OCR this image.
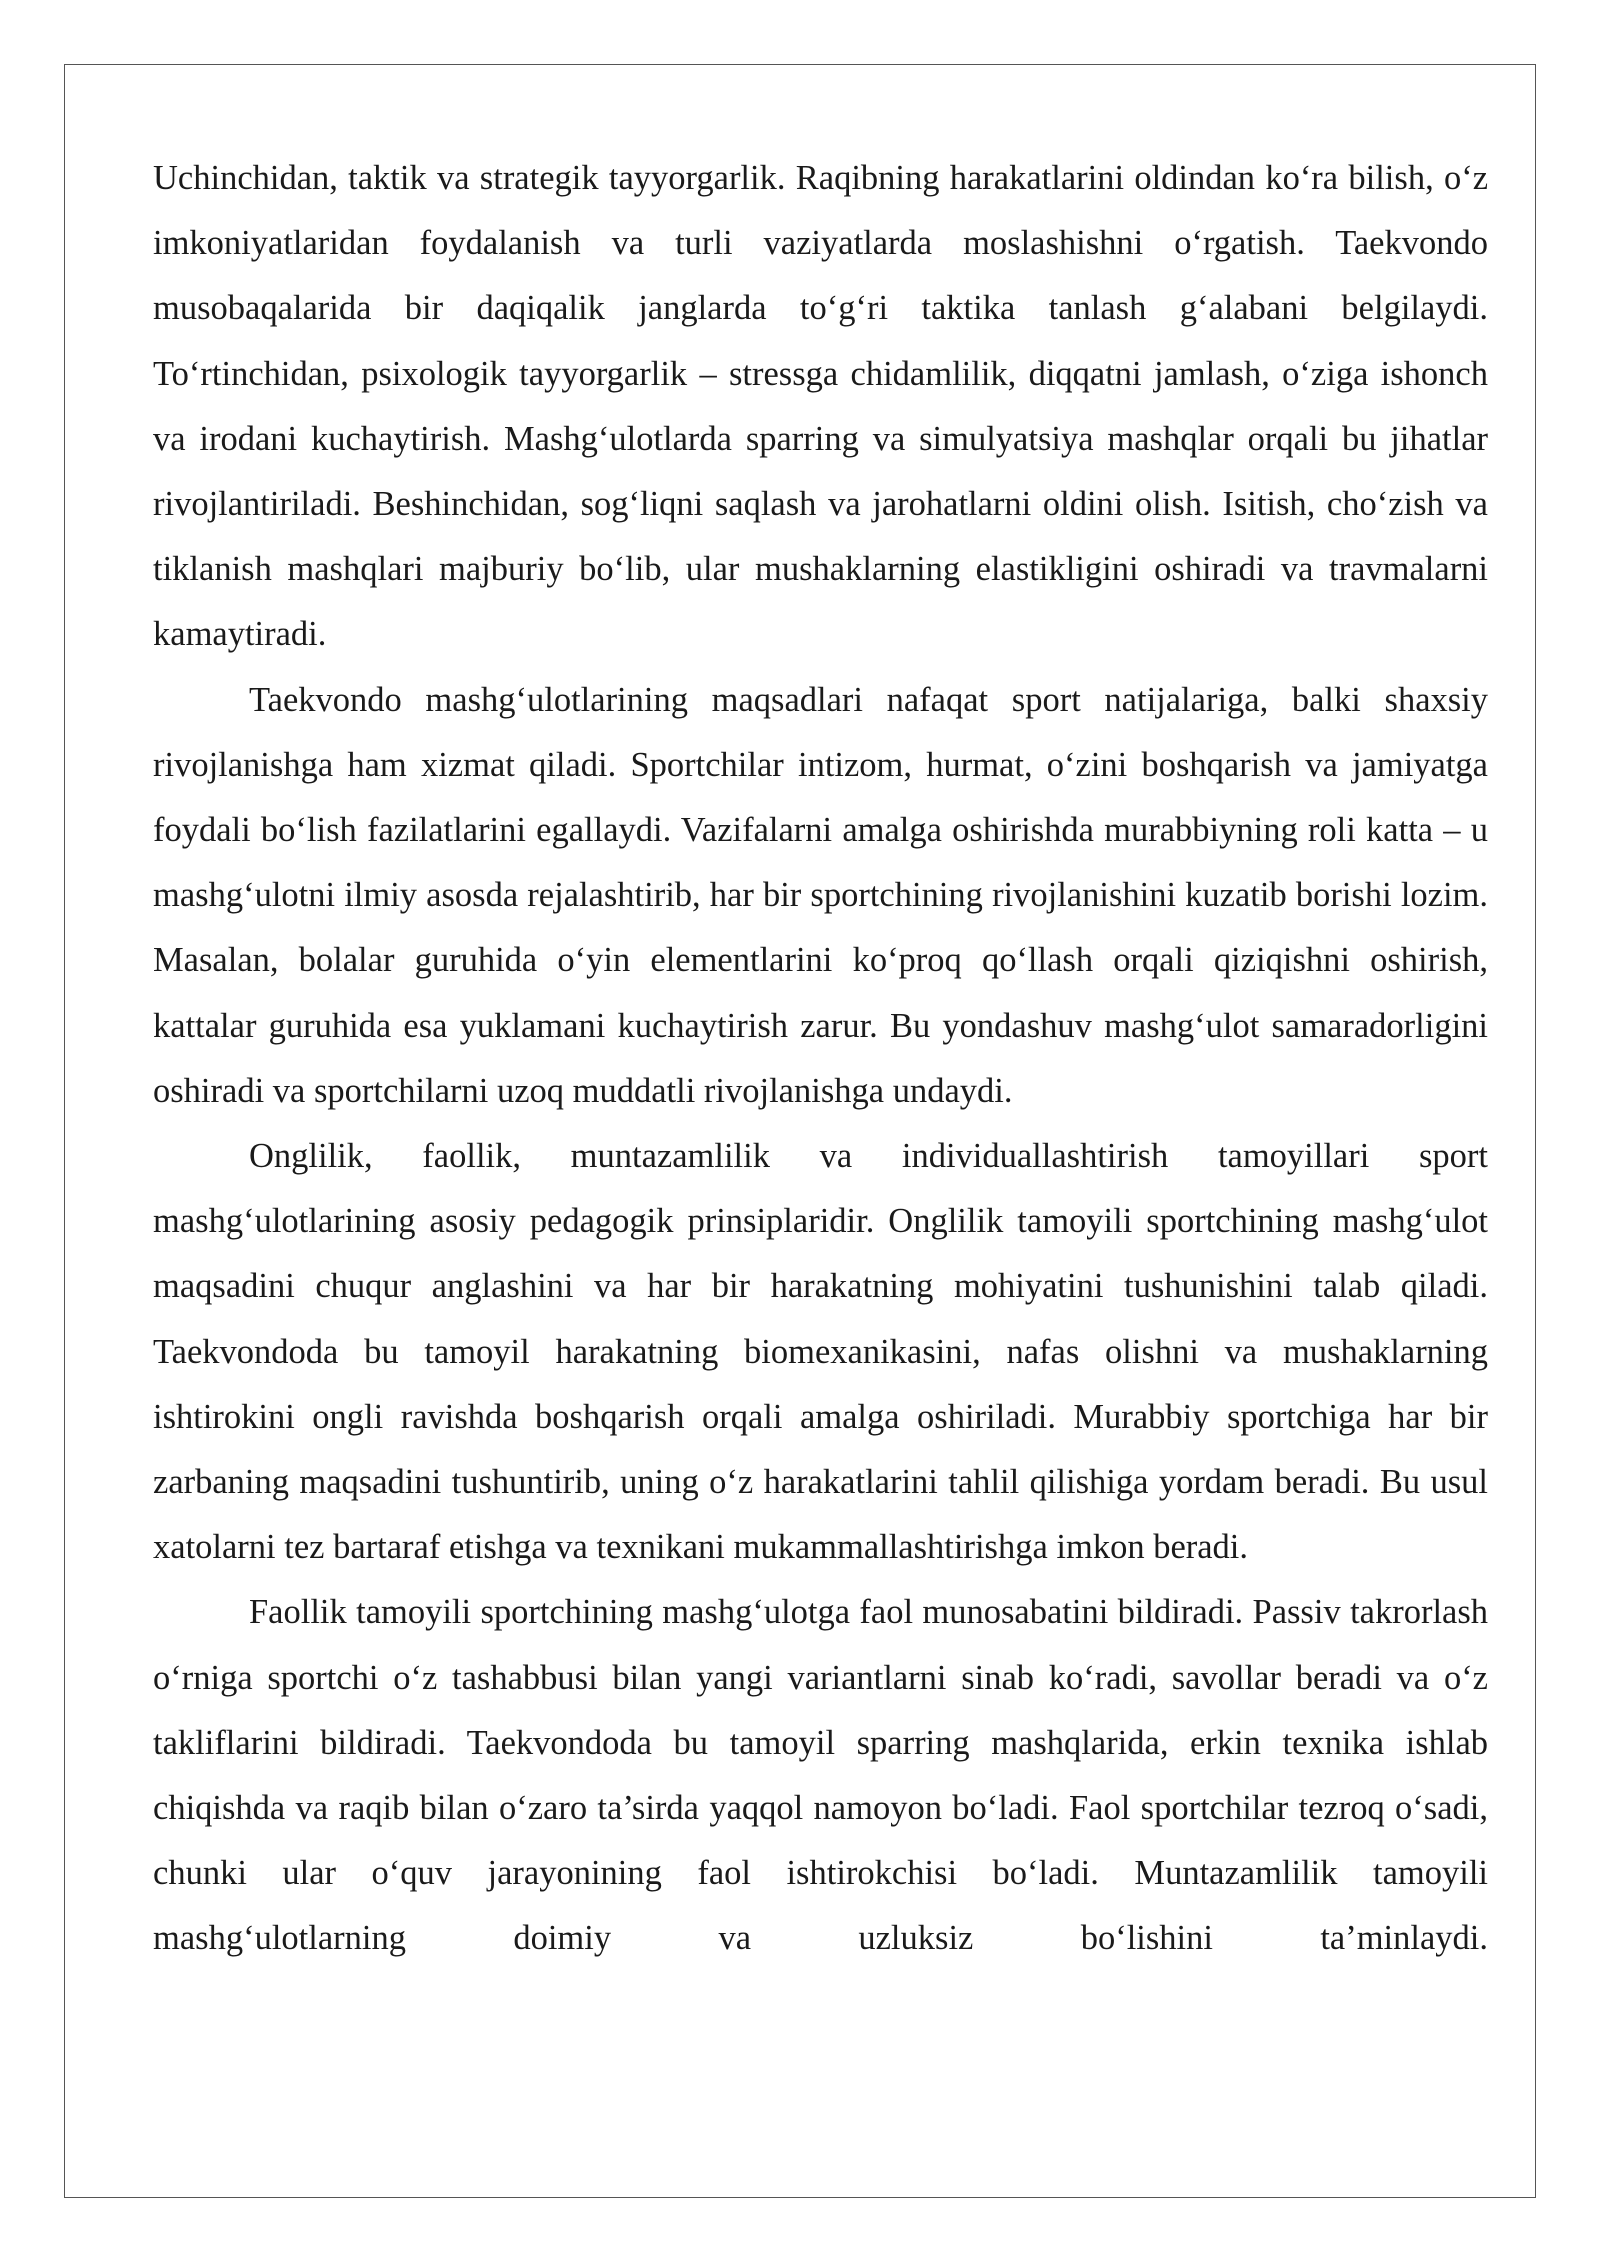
Uchinchidan, taktik va strategik tayyorgarlik. Raqibning harakatlarini oldindan ko‘ra bilish, o‘z imkoniyatlaridan foydalanish va turli vaziyatlarda moslashishni o‘rgatish. Taekvondo musobaqalarida bir daqiqalik janglarda to‘g‘ri taktika tanlash g‘alabani belgilaydi. To‘rtinchidan, psixologik tayyorgarlik – stressga chidamlilik, diqqatni jamlash, o‘ziga ishonch va irodani kuchaytirish. Mashg‘ulotlarda sparring va simulyatsiya mashqlar orqali bu jihatlar rivojlantiriladi. Beshinchidan, sog‘liqni saqlash va jarohatlarni oldini olish. Isitish, cho‘zish va tiklanish mashqlari majburiy bo‘lib, ular mushaklarning elastikligini oshiradi va travmalarni kamaytiradi.
Taekvondo mashg‘ulotlarining maqsadlari nafaqat sport natijalariga, balki shaxsiy rivojlanishga ham xizmat qiladi. Sportchilar intizom, hurmat, o‘zini boshqarish va jamiyatga foydali bo‘lish fazilatlarini egallaydi. Vazifalarni amalga oshirishda murabbiyning roli katta – u mashg‘ulotni ilmiy asosda rejalashtirib, har bir sportchining rivojlanishini kuzatib borishi lozim. Masalan, bolalar guruhida o‘yin elementlarini ko‘proq qo‘llash orqali qiziqishni oshirish, kattalar guruhida esa yuklamani kuchaytirish zarur. Bu yondashuv mashg‘ulot samaradorligini oshiradi va sportchilarni uzoq muddatli rivojlanishga undaydi.
Onglilik, faollik, muntazamlilik va individuallashtirish tamoyillari sport mashg‘ulotlarining asosiy pedagogik prinsiplaridir. Onglilik tamoyili sportchining mashg‘ulot maqsadini chuqur anglashini va har bir harakatning mohiyatini tushunishini talab qiladi. Taekvondoda bu tamoyil harakatning biomexanikasini, nafas olishni va mushaklarning ishtirokini ongli ravishda boshqarish orqali amalga oshiriladi. Murabbiy sportchiga har bir zarbaning maqsadini tushuntirib, uning o‘z harakatlarini tahlil qilishiga yordam beradi. Bu usul xatolarni tez bartaraf etishga va texnikani mukammallashtirishga imkon beradi.
Faollik tamoyili sportchining mashg‘ulotga faol munosabatini bildiradi. Passiv takrorlash o‘rniga sportchi o‘z tashabbusi bilan yangi variantlarni sinab ko‘radi, savollar beradi va o‘z takliflarini bildiradi. Taekvondoda bu tamoyil sparring mashqlarida, erkin texnika ishlab chiqishda va raqib bilan o‘zaro ta’sirda yaqqol namoyon bo‘ladi. Faol sportchilar tezroq o‘sadi, chunki ular o‘quv jarayonining faol ishtirokchisi bo‘ladi. Muntazamlilik tamoyili mashg‘ulotlarning doimiy va uzluksiz bo‘lishini ta’minlaydi.
